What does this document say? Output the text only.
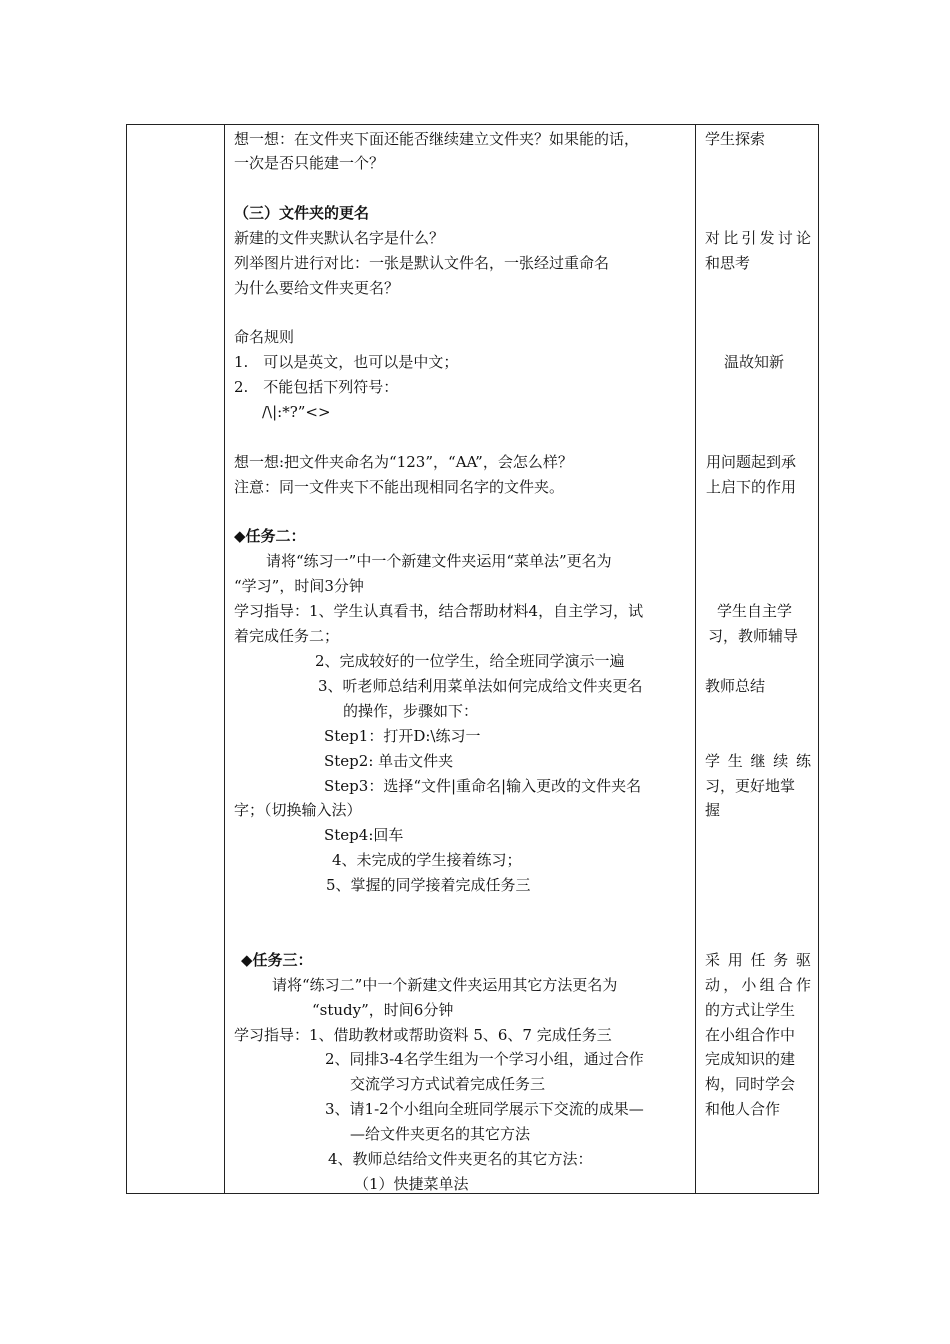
想一想：在文件夹下面还能否继续建立文件夹？如果能的话，
一次是否只能建一个？
（三）文件夹的更名
新建的文件夹默认名字是什么？
列举图片进行对比：一张是默认文件名，一张经过重命名
为什么要给文件夹更名？
命名规则
1.　可以是英文，也可以是中文；
2.　不能包括下列符号：
/\|:*?”<>
想一想:把文件夹命名为“123”，“AA”，会怎么样？
注意：同一文件夹下不能出现相同名字的文件夹。
◆任务二：
请将“练习一”中一个新建文件夹运用“菜单法”更名为
“学习”，时间3分钟
学习指导：1、学生认真看书，结合帮助材料4，自主学习，试
着完成任务二；
2、完成较好的一位学生，给全班同学演示一遍
3、听老师总结利用菜单法如何完成给文件夹更名
的操作，步骤如下：
Step1：打开D:\练习一
Step2: 单击文件夹
Step3：选择“文件|重命名|输入更改的文件夹名
字；（切换输入法）
Step4:回车
4、未完成的学生接着练习；
5、掌握的同学接着完成任务三
◆任务三：
请将“练习二”中一个新建文件夹运用其它方法更名为
“study”，时间6分钟
学习指导：1、借助教材或帮助资料 5、6、7 完成任务三
2、同排3-4名学生组为一个学习小组，通过合作
交流学习方式试着完成任务三
3、请1-2个小组向全班同学展示下交流的成果—
—给文件夹更名的其它方法
4、教师总结给文件夹更名的其它方法：
（1）快捷菜单法
学生探索
对比引发讨论
和思考
温故知新
用问题起到承
上启下的作用
学生自主学
习，教师辅导
教师总结
学生继续练
习，更好地掌
握
采用任务驱
动，小组合作
的方式让学生
在小组合作中
完成知识的建
构，同时学会
和他人合作
